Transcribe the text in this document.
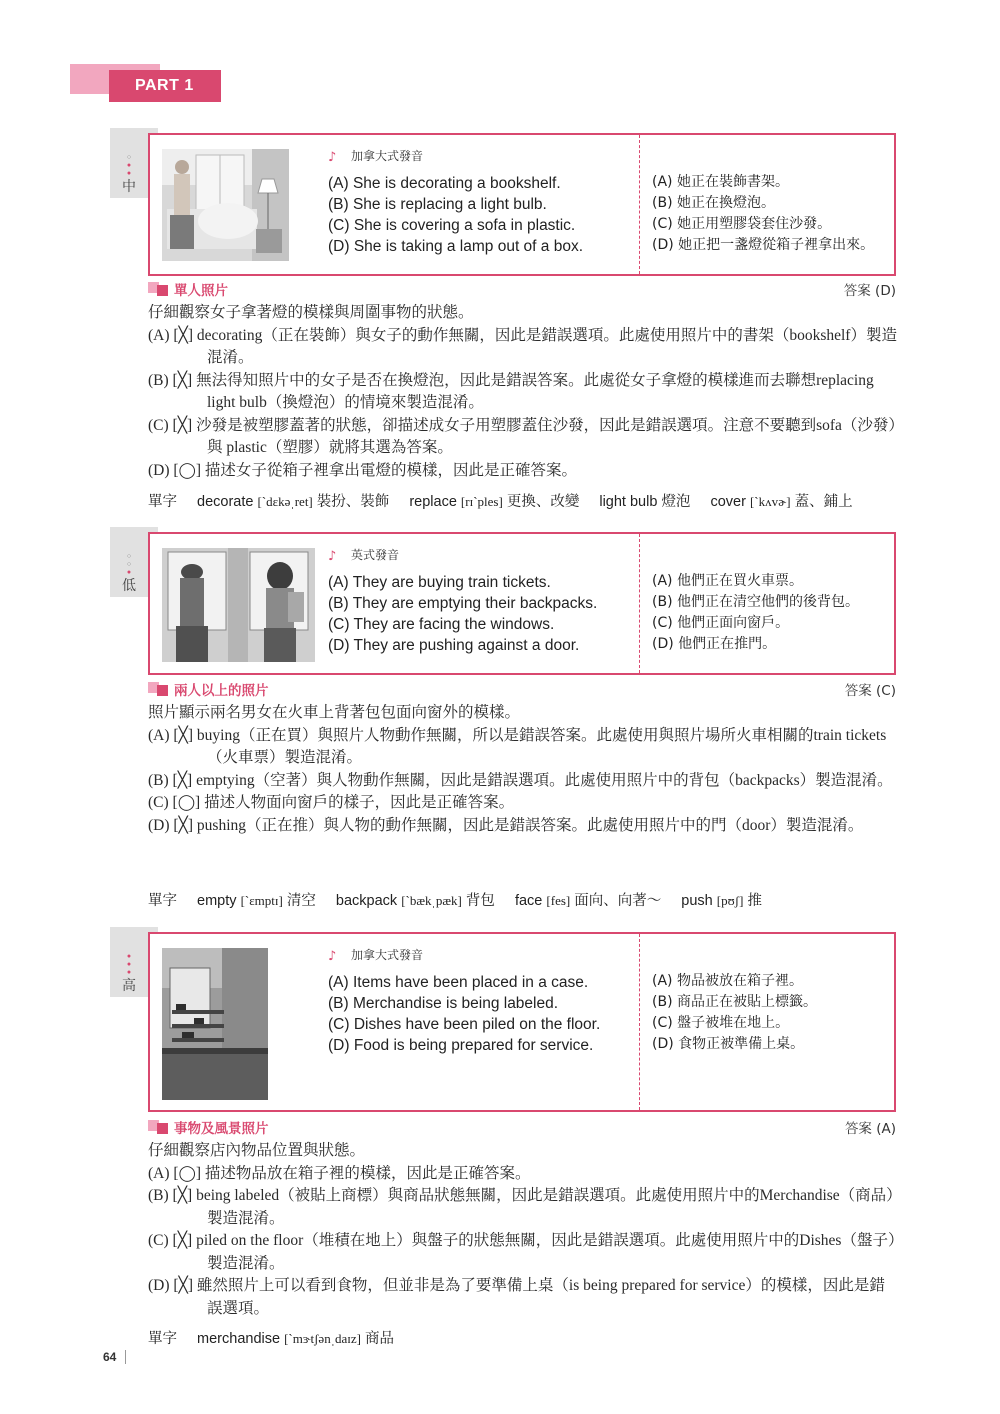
PART 1
○
●
●
中
♪ 加拿大式發音
(A) She is decorating a bookshelf.
(B) She is replacing a light bulb.
(C) She is covering a sofa in plastic.
(D) She is taking a lamp out of a box.
(A) 她正在裝飾書架。
(B) 她正在換燈泡。
(C) 她正用塑膠袋套住沙發。
(D) 她正把一盞燈從箱子裡拿出來。
單人照片	答案 (D)
仔細觀察女子拿著燈的模樣與周圍事物的狀態。
(A) [╳] decorating（正在裝飾）與女子的動作無關，因此是錯誤選項。此處使用照片中的書架（bookshelf）製造混淆。
(B) [╳] 無法得知照片中的女子是否在換燈泡，因此是錯誤答案。此處從女子拿燈的模樣進而去聯想replacing light bulb（換燈泡）的情境來製造混淆。
(C) [╳] 沙發是被塑膠蓋著的狀態，卻描述成女子用塑膠蓋住沙發，因此是錯誤選項。注意不要聽到sofa（沙發）與 plastic（塑膠）就將其選為答案。
(D) [◯] 描述女子從箱子裡拿出電燈的模樣，因此是正確答案。
單字 decorate [ˋdɛkəˌret] 裝扮、裝飾 replace [rɪˋples] 更換、改變 light bulb 燈泡 cover [ˋkʌvɚ] 蓋、鋪上
○
○
●
低
♪ 英式發音
(A) They are buying train tickets.
(B) They are emptying their backpacks.
(C) They are facing the windows.
(D) They are pushing against a door.
(A) 他們正在買火車票。
(B) 他們正在清空他們的後背包。
(C) 他們正面向窗戶。
(D) 他們正在推門。
兩人以上的照片	答案 (C)
照片顯示兩名男女在火車上背著包包面向窗外的模樣。
(A) [╳] buying（正在買）與照片人物動作無關，所以是錯誤答案。此處使用與照片場所火車相關的train tickets（火車票）製造混淆。
(B) [╳] emptying（空著）與人物動作無關，因此是錯誤選項。此處使用照片中的背包（backpacks）製造混淆。
(C) [◯] 描述人物面向窗戶的樣子，因此是正確答案。
(D) [╳] pushing（正在推）與人物的動作無關，因此是錯誤答案。此處使用照片中的門（door）製造混淆。
單字 empty [ˋɛmptɪ] 清空 backpack [ˋbækˌpæk] 背包 face [fes] 面向、向著～ push [pʊʃ] 推
●
●
●
高
♪ 加拿大式發音
(A) Items have been placed in a case.
(B) Merchandise is being labeled.
(C) Dishes have been piled on the floor.
(D) Food is being prepared for service.
(A) 物品被放在箱子裡。
(B) 商品正在被貼上標籤。
(C) 盤子被堆在地上。
(D) 食物正被準備上桌。
事物及風景照片	答案 (A)
仔細觀察店內物品位置與狀態。
(A) [◯] 描述物品放在箱子裡的模樣，因此是正確答案。
(B) [╳] being labeled（被貼上商標）與商品狀態無關，因此是錯誤選項。此處使用照片中的Merchandise（商品）製造混淆。
(C) [╳] piled on the floor（堆積在地上）與盤子的狀態無關，因此是錯誤選項。此處使用照片中的Dishes（盤子）製造混淆。
(D) [╳] 雖然照片上可以看到食物，但並非是為了要準備上桌（is being prepared for service）的模樣，因此是錯誤選項。
單字 merchandise [ˋmɝtʃənˌdaɪz] 商品
64
